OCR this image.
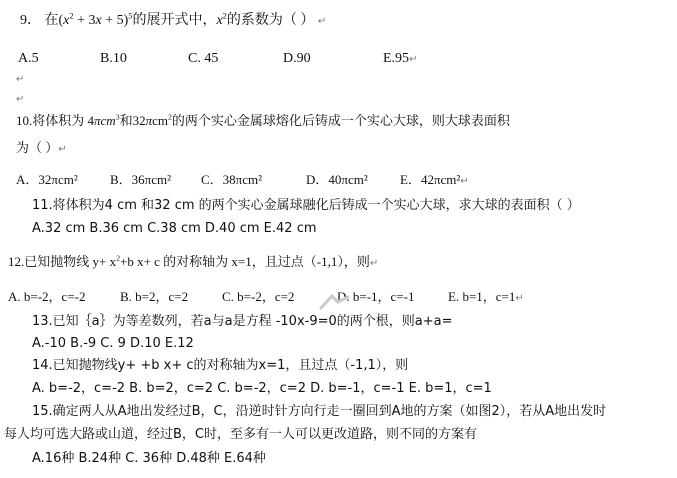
9． 在$(x^2 + 3x + 5)^5$的展开式中，$x^2$的系数为（ ） ↵
A.5	B.10	C. 45	D.90	E.95↵
↵
↵
10.将体积为 4πcm$^3$和32πcm$^2$的两个实心金属球熔化后铸成一个实心大球，则大球表面积
为（ ）↵
A．32πcm² B．36πcm² C．38πcm²	D．40πcm² E．42πcm²↵
11.将体积为4 cm 和32 cm 的两个实心金属球融化后铸成一个实心大球，求大球的表面积（ ）
A.32 cm B.36 cm C.38 cm D.40 cm E.42 cm
12.已知抛物线 $y+ x^2+b$ x+ c 的对称轴为 x=1，且过点（-1,1），则↵
A. b=-2，c=-2	B. b=2，c=2	C. b=-2，c=2	D. b=-1，c=-1	E. b=1，c=1↵
13.已知｛a｝为等差数列，若a与a是方程 -10x-9=0的两个根，则a+a=
A.-10 B.-9 C. 9 D.10 E.12
14.已知抛物线y+ +b x+ c的对称轴为x=1，且过点（-1,1），则
A. b=-2，c=-2 B. b=2，c=2 C. b=-2，c=2 D. b=-1，c=-1 E. b=1，c=1
15.确定两人从A地出发经过B，C，沿逆时针方向行走一圈回到A地的方案（如图2），若从A地出发时
每人均可选大路或山道，经过B，C时，至多有一人可以更改道路，则不同的方案有
A.16种 B.24种 C. 36种 D.48种 E.64种
